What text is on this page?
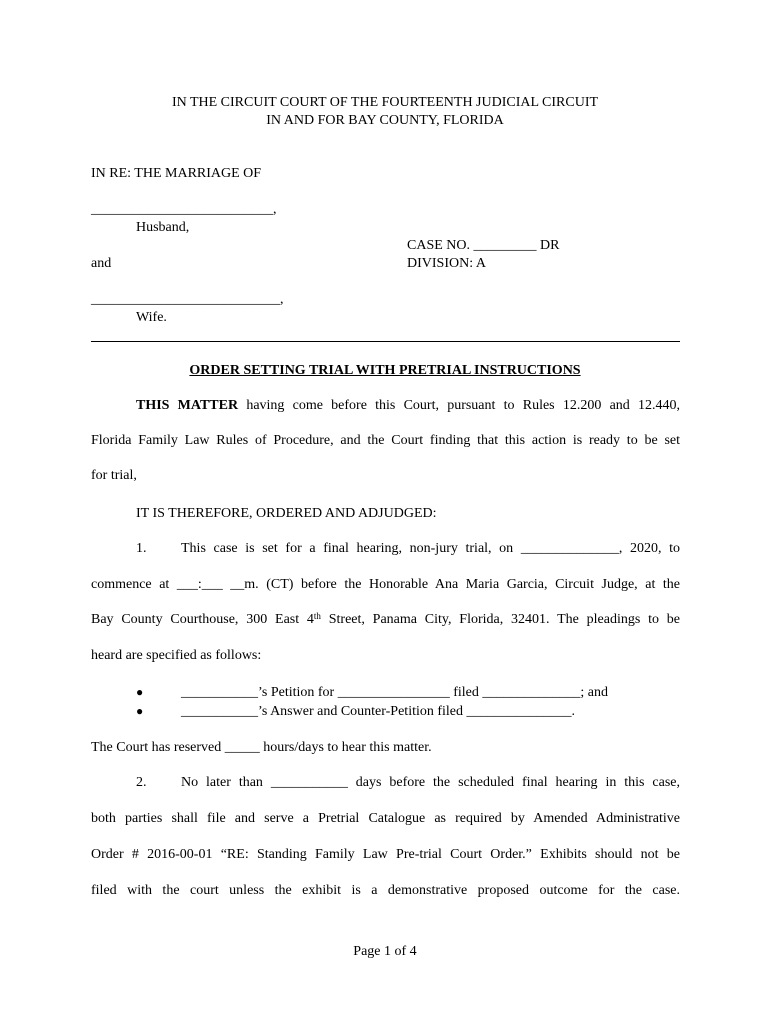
IN THE CIRCUIT COURT OF THE FOURTEENTH JUDICIAL CIRCUIT
IN AND FOR BAY COUNTY, FLORIDA
IN RE: THE MARRIAGE OF
__________________________,
Husband,
CASE NO. _________ DR
and	DIVISION: A
___________________________,
Wife.
ORDER SETTING TRIAL WITH PRETRIAL INSTRUCTIONS
THIS MATTER having come before this Court, pursuant to Rules 12.200 and 12.440,
Florida Family Law Rules of Procedure, and the Court finding that this action is ready to be set
for trial,
IT IS THEREFORE, ORDERED AND ADJUDGED:
1. This case is set for a final hearing, non-jury trial, on ______________, 2020, to
commence at ___:___ __m. (CT) before the Honorable Ana Maria Garcia, Circuit Judge, at the
Bay County Courthouse, 300 East 4th Street, Panama City, Florida, 32401. The pleadings to be
heard are specified as follows:
●	___________’s Petition for ________________ filed ______________; and
●	___________’s Answer and Counter-Petition filed _______________.
The Court has reserved _____ hours/days to hear this matter.
2. No later than ___________ days before the scheduled final hearing in this case,
both parties shall file and serve a Pretrial Catalogue as required by Amended Administrative
Order # 2016-00-01 “RE: Standing Family Law Pre-trial Court Order.” Exhibits should not be
filed with the court unless the exhibit is a demonstrative proposed outcome for the case.
Page 1 of 4
